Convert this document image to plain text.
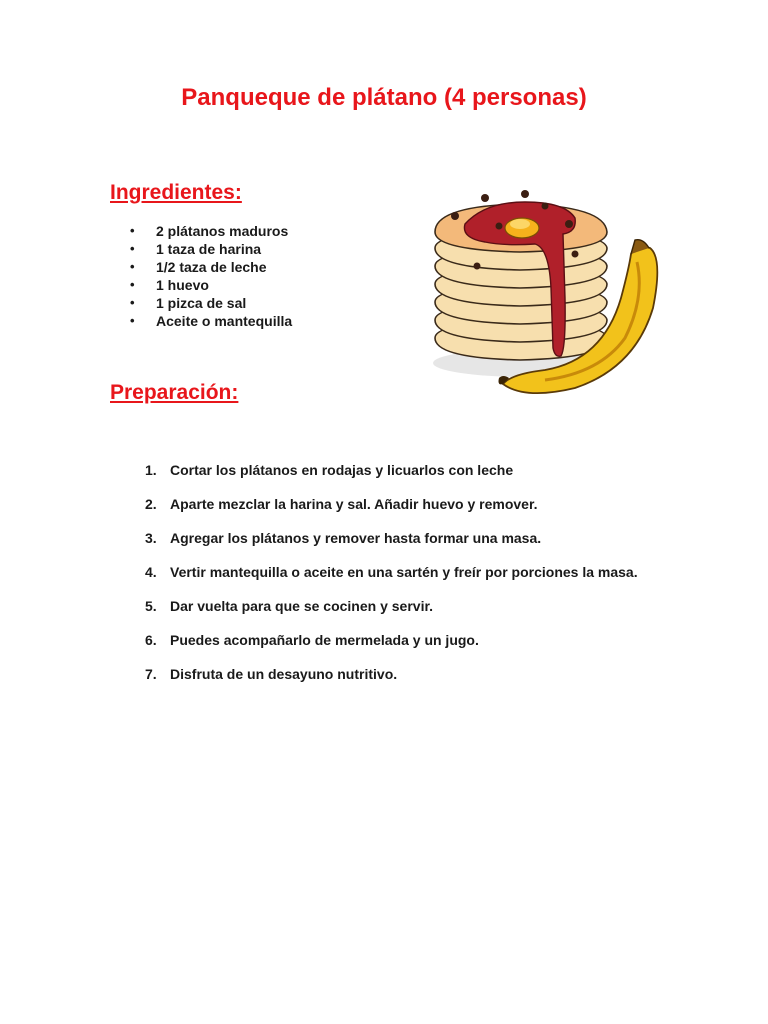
Panqueque de plátano (4 personas)
Ingredientes:
• 2 plátanos maduros
• 1 taza de harina
• 1/2 taza de leche
• 1 huevo
• 1 pizca de sal
• Aceite o mantequilla
Preparación:
1. Cortar los plátanos en rodajas y licuarlos con leche
2. Aparte mezclar la harina y sal. Añadir huevo y remover.
3. Agregar los plátanos y remover hasta formar una masa.
4. Vertir mantequilla o aceite en una sartén y freír por porciones la masa.
5. Dar vuelta para que se cocinen y servir.
6. Puedes acompañarlo de mermelada y un jugo.
7. Disfruta de un desayuno nutritivo.
